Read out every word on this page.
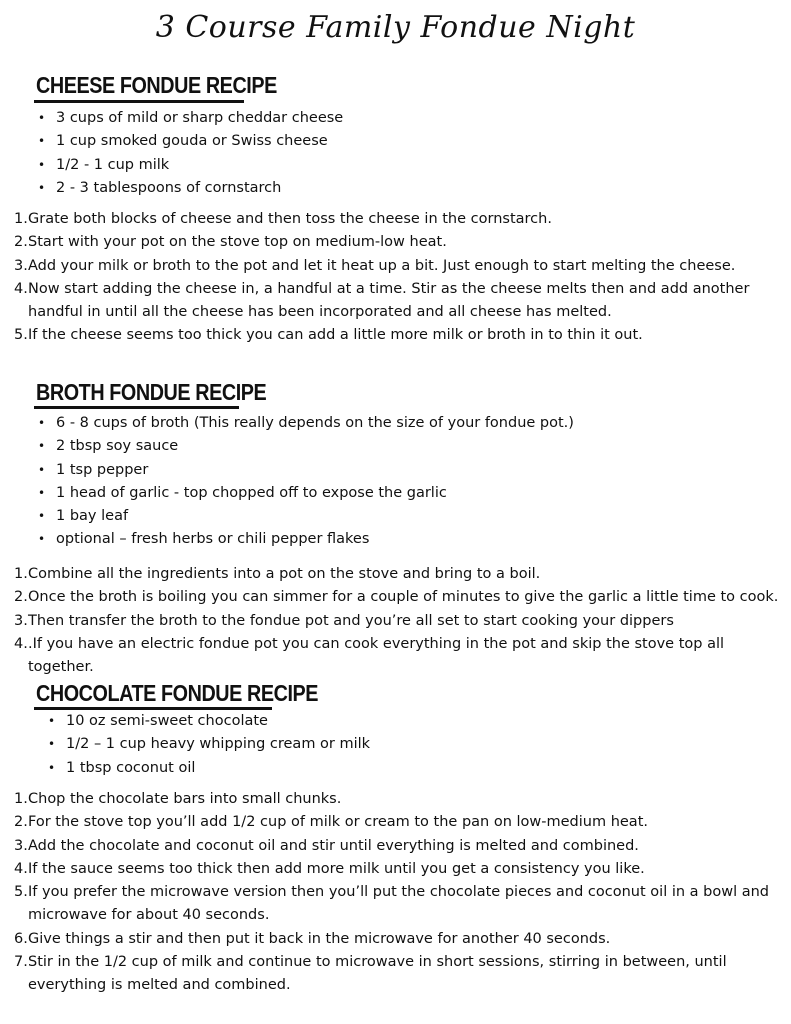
3 Course Family Fondue Night
CHEESE FONDUE RECIPE
• 3 cups of mild or sharp cheddar cheese
• 1 cup smoked gouda or Swiss cheese
• 1/2 - 1 cup milk
• 2 - 3 tablespoons of cornstarch
1. Grate both blocks of cheese and then toss the cheese in the cornstarch.
2. Start with your pot on the stove top on medium-low heat.
3. Add your milk or broth to the pot and let it heat up a bit. Just enough to start melting the cheese.
4. Now start adding the cheese in, a handful at a time. Stir as the cheese melts then and add another handful in until all the cheese has been incorporated and all cheese has melted.
5. If the cheese seems too thick you can add a little more milk or broth in to thin it out.
BROTH FONDUE RECIPE
• 6 - 8 cups of broth (This really depends on the size of your fondue pot.)
• 2 tbsp soy sauce
• 1 tsp pepper
• 1 head of garlic - top chopped off to expose the garlic
• 1 bay leaf
• optional – fresh herbs or chili pepper flakes
1. Combine all the ingredients into a pot on the stove and bring to a boil.
2. Once the broth is boiling you can simmer for a couple of minutes to give the garlic a little time to cook.
3. Then transfer the broth to the fondue pot and you’re all set to start cooking your dippers
4. .If you have an electric fondue pot you can cook everything in the pot and skip the stove top all together.
CHOCOLATE FONDUE RECIPE
• 10 oz semi-sweet chocolate
• 1/2 – 1 cup heavy whipping cream or milk
• 1 tbsp coconut oil
1. Chop the chocolate bars into small chunks.
2. For the stove top you’ll add 1/2 cup of milk or cream to the pan on low-medium heat.
3. Add the chocolate and coconut oil and stir until everything is melted and combined.
4. If the sauce seems too thick then add more milk until you get a consistency you like.
5. If you prefer the microwave version then you’ll put the chocolate pieces and coconut oil in a bowl and microwave for about 40 seconds.
6. Give things a stir and then put it back in the microwave for another 40 seconds.
7. Stir in the 1/2 cup of milk and continue to microwave in short sessions, stirring in between, until everything is melted and combined.
